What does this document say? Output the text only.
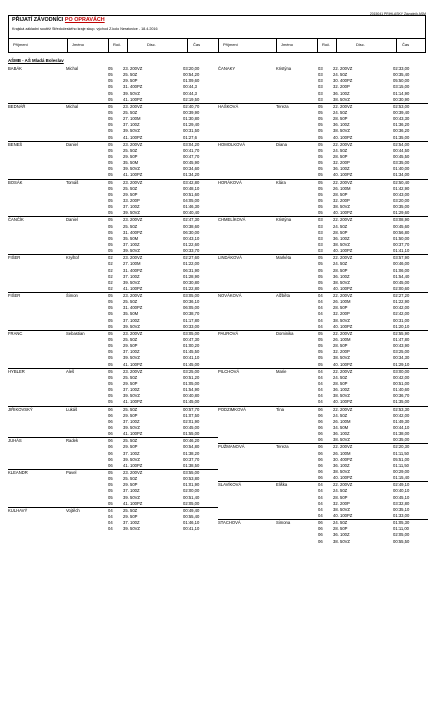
2015041 PRIHLASKY Závodník ASM
PŘIJATÍ ZÁVODNÍCI PO OPRAVÁCH
Krajská základní soutěž Středočeského kraje skup. východ Z.kolo Neratovice - 18.4.2016
Příjmení	Jméno	Roč.	Disc.	Čas	Příjmení	Jméno	Roč.	Disc.	Čas
AŠMB - AŠ Mladá Boleslav
BABÁK	Michal	05 23. 200VZ	03:20,00
05 25. 50Z	00:54,20
05 29. 50P	01:09,60
05 31. 400PZ	00:44,3
05 39. 50VZ	00:44,3
05 41. 100PZ	02:19,50
BEDNÁŘ	Michal	05 23. 200VZ	02:40,70
05 25. 50Z	00:39,90
05 27. 100M	01:30,80
05 37. 100Z	01:29,40
05 39. 50VZ	00:31,50
05 41. 100PZ	01:27,6
BENEŠ	Daniel	05 23. 200VZ	03:04,20
05 25. 50Z	00:41,70
05 29. 50P	00:47,70
05 35. 50M	00:45,90
05 39. 50VZ	00:34,60
05 41. 100PZ	01:34,20
BOSÁK	Tomáš	05 23. 200VZ	03:42,80
05 25. 50Z	00:48,10
05 29. 50P	00:51,60
05 33. 200P	04:05,00
05 37. 100Z	01:46,30
05 39. 50VZ	00:40,40
ČANČÍK	Daniel	05 23. 200VZ	02:47,30
05 25. 50Z	00:38,60
05 31. 400PZ	06:30,00
05 35. 50M	00:43,10
05 37. 100Z	01:22,60
05 39. 50VZ	00:33,70
FIŠER	Kryštof	02 23. 200VZ	02:27,60
02 27. 100M	01:22,00
02 31. 400PZ	06:31,90
02 37. 100Z	01:28,90
02 39. 50VZ	00:30,80
02 41. 100PZ	01:22,80
FIŠER	Šimon	05 23. 200VZ	03:05,00
05 25. 50Z	00:36,10
05 31. 400PZ	06:05,00
05 35. 50M	00:38,70
05 37. 100Z	01:17,80
05 39. 50VZ	00:33,00
FRANC	Sebastian	05 23. 200VZ	03:05,00
05 25. 50Z	00:47,30
05 29. 50P	01:00,20
05 37. 100Z	01:45,50
05 39. 50VZ	00:41,10
05 41. 100PZ	01:45,00
HYBLER	Aleš	05 23. 200VZ	03:25,00
05 25. 50Z	00:51,20
05 29. 50P	01:05,00
05 37. 100Z	01:54,90
05 39. 50VZ	00:40,80
05 41. 100PZ	01:45,00
JIŘIKOVSKÝ	Lukáš	06 25. 50Z	00:57,70
06 29. 50P	01:07,50
06 37. 100Z	02:01,90
06 39. 50VZ	00:45,00
06 41. 100PZ	01:55,00
JUHÁS	Radek	06 25. 50Z	00:46,20
06 29. 50P	00:54,80
06 37. 100Z	01:38,20
06 39. 50VZ	00:37,70
06 41. 100PZ	01:38,50
KLEANDR	Pavel	05 23. 200VZ	03:55,00
05 25. 50Z	00:53,80
05 29. 50P	01:01,90
05 37. 100Z	02:00,00
05 39. 50VZ	00:51,40
05 41. 100PZ	02:05,00
KULHAVÝ	Vojtěch	04 25. 50Z	00:49,40
04 29. 50P	00:55,40
04 37. 100Z	01:46,10
04 39. 50VZ	00:41,10
ČANAKY	Kristýna	03 22. 200VZ	02:33,00
03 24. 50Z	00:35,40
03 30. 400PZ	05:50,00
03 32. 200P	03:15,00
03 36. 100Z	01:14,90
03 38. 50VZ	00:30,90
HAŠKOVÁ	Tereza	05 22. 200VZ	02:53,00
05 24. 50Z	00:39,40
05 28. 50P	00:43,30
05 36. 100Z	01:36,20
05 38. 50VZ	00:36,20
05 40. 100PZ	01:35,00
HOMOLKOVÁ	Diana	05 22. 200VZ	02:54,00
05 24. 50Z	00:44,50
05 28. 50P	00:45,50
05 32. 200P	03:35,00
05 36. 100Z	01:40,00
05 40. 100PZ	01:34,00
HORÁKOVÁ	Klára	05 22. 200VZ	02:50,40
05 26. 100M	01:42,90
05 28. 50P	00:43,00
05 32. 200P	03:20,00
05 38. 50VZ	00:35,00
05 40. 100PZ	01:29,60
CHMELÍKOVÁ	Kristýna	03 22. 200VZ	03:08,90
03 24. 50Z	00:45,60
03 28. 50P	00:56,80
03 36. 100Z	01:50,00
03 38. 50VZ	00:37,70
03 40. 100PZ	01:41,10
LINDÁKOVÁ	Markéta	05 22. 200VZ	03:57,90
05 24. 50Z	00:46,00
05 28. 50P	01:06,00
05 36. 100Z	01:54,40
05 38. 50VZ	00:45,00
05 40. 100PZ	02:00,60
NOVÁKOVÁ	Alžběta	04 22. 200VZ	02:27,20
04 26. 100M	01:22,90
04 28. 50P	00:42,00
04 32. 200P	02:42,00
04 38. 50VZ	00:31,00
04 40. 100PZ	01:20,10
PAUROVÁ	Dominika	05 22. 200VZ	02:55,90
05 26. 100M	01:47,80
05 28. 50P	00:43,90
05 32. 200P	03:25,00
05 38. 50VZ	00:34,30
05 40. 100PZ	01:29,10
PILCHOVÁ	Marie	04 22. 200VZ	03:00,00
04 24. 50Z	00:42,00
04 28. 50P	00:51,00
04 36. 100Z	01:40,60
04 38. 50VZ	00:36,70
04 40. 100PZ	01:35,00
PODZIMKOVÁ	Tina	06 22. 200VZ	02:53,30
06 24. 50Z	00:42,00
06 26. 100M	01:49,30
06 34. 50M	00:44,10
06 36. 100Z	01:38,00
06 38. 50VZ	00:35,00
PUŽMANOVÁ	Tereza	06 22. 200VZ	02:20,30
06 26. 100M	01:11,50
06 30. 400PZ	05:51,00
06 36. 100Z	01:11,50
06 38. 50VZ	00:29,00
06 40. 100PZ	01:15,40
SLAVÍKOVÁ	Eliška	04 22. 200VZ	02:49,10
04 24. 50Z	00:40,10
04 28. 50P	00:45,10
04 32. 200P	03:32,80
04 38. 50VZ	00:35,10
04 40. 100PZ	01:33,00
STACHOVÁ	Simona	06 24. 50Z	01:05,30
06 28. 50P	01:11,00
06 36. 100Z	02:05,00
06 38. 50VZ	00:55,50
